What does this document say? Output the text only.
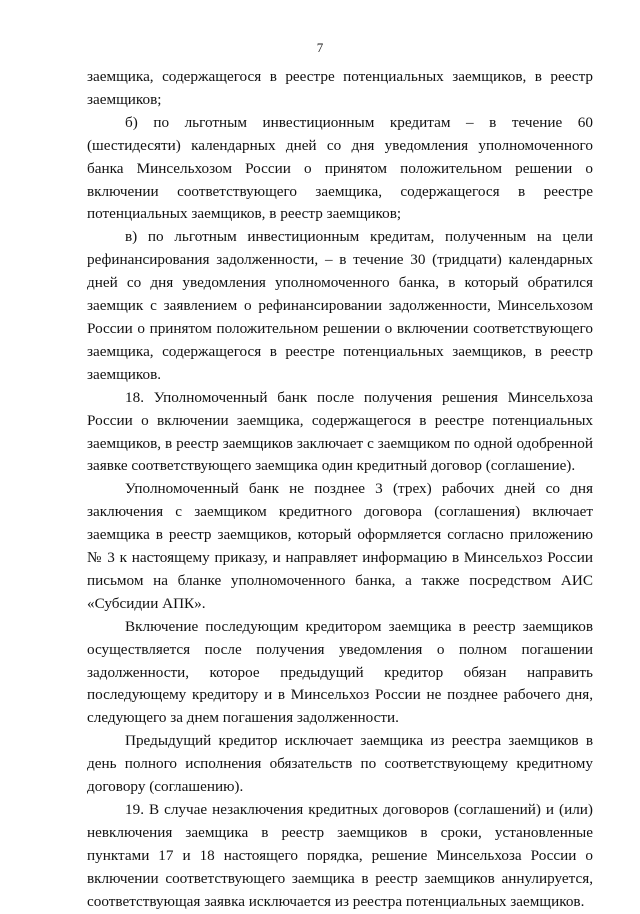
7

заемщика, содержащегося в реестре потенциальных заемщиков, в реестр заемщиков;

б) по льготным инвестиционным кредитам – в течение 60 (шестидесяти) календарных дней со дня уведомления уполномоченного банка Минсельхозом России о принятом положительном решении о включении соответствующего заемщика, содержащегося в реестре потенциальных заемщиков, в реестр заемщиков;

в) по льготным инвестиционным кредитам, полученным на цели рефинансирования задолженности, – в течение 30 (тридцати) календарных дней со дня уведомления уполномоченного банка, в который обратился заемщик с заявлением о рефинансировании задолженности, Минсельхозом России о принятом положительном решении о включении соответствующего заемщика, содержащегося в реестре потенциальных заемщиков, в реестр заемщиков.

18. Уполномоченный банк после получения решения Минсельхоза России о включении заемщика, содержащегося в реестре потенциальных заемщиков, в реестр заемщиков заключает с заемщиком по одной одобренной заявке соответствующего заемщика один кредитный договор (соглашение).

Уполномоченный банк не позднее 3 (трех) рабочих дней со дня заключения с заемщиком кредитного договора (соглашения) включает заемщика в реестр заемщиков, который оформляется согласно приложению № 3 к настоящему приказу, и направляет информацию в Минсельхоз России письмом на бланке уполномоченного банка, а также посредством АИС «Субсидии АПК».

Включение последующим кредитором заемщика в реестр заемщиков осуществляется после получения уведомления о полном погашении задолженности, которое предыдущий кредитор обязан направить последующему кредитору и в Минсельхоз России не позднее рабочего дня, следующего за днем погашения задолженности.

Предыдущий кредитор исключает заемщика из реестра заемщиков в день полного исполнения обязательств по соответствующему кредитному договору (соглашению).

19. В случае незаключения кредитных договоров (соглашений) и (или) невключения заемщика в реестр заемщиков в сроки, установленные пунктами 17 и 18 настоящего порядка, решение Минсельхоза России о включении соответствующего заемщика в реестр заемщиков аннулируется, соответствующая заявка исключается из реестра потенциальных заемщиков.
